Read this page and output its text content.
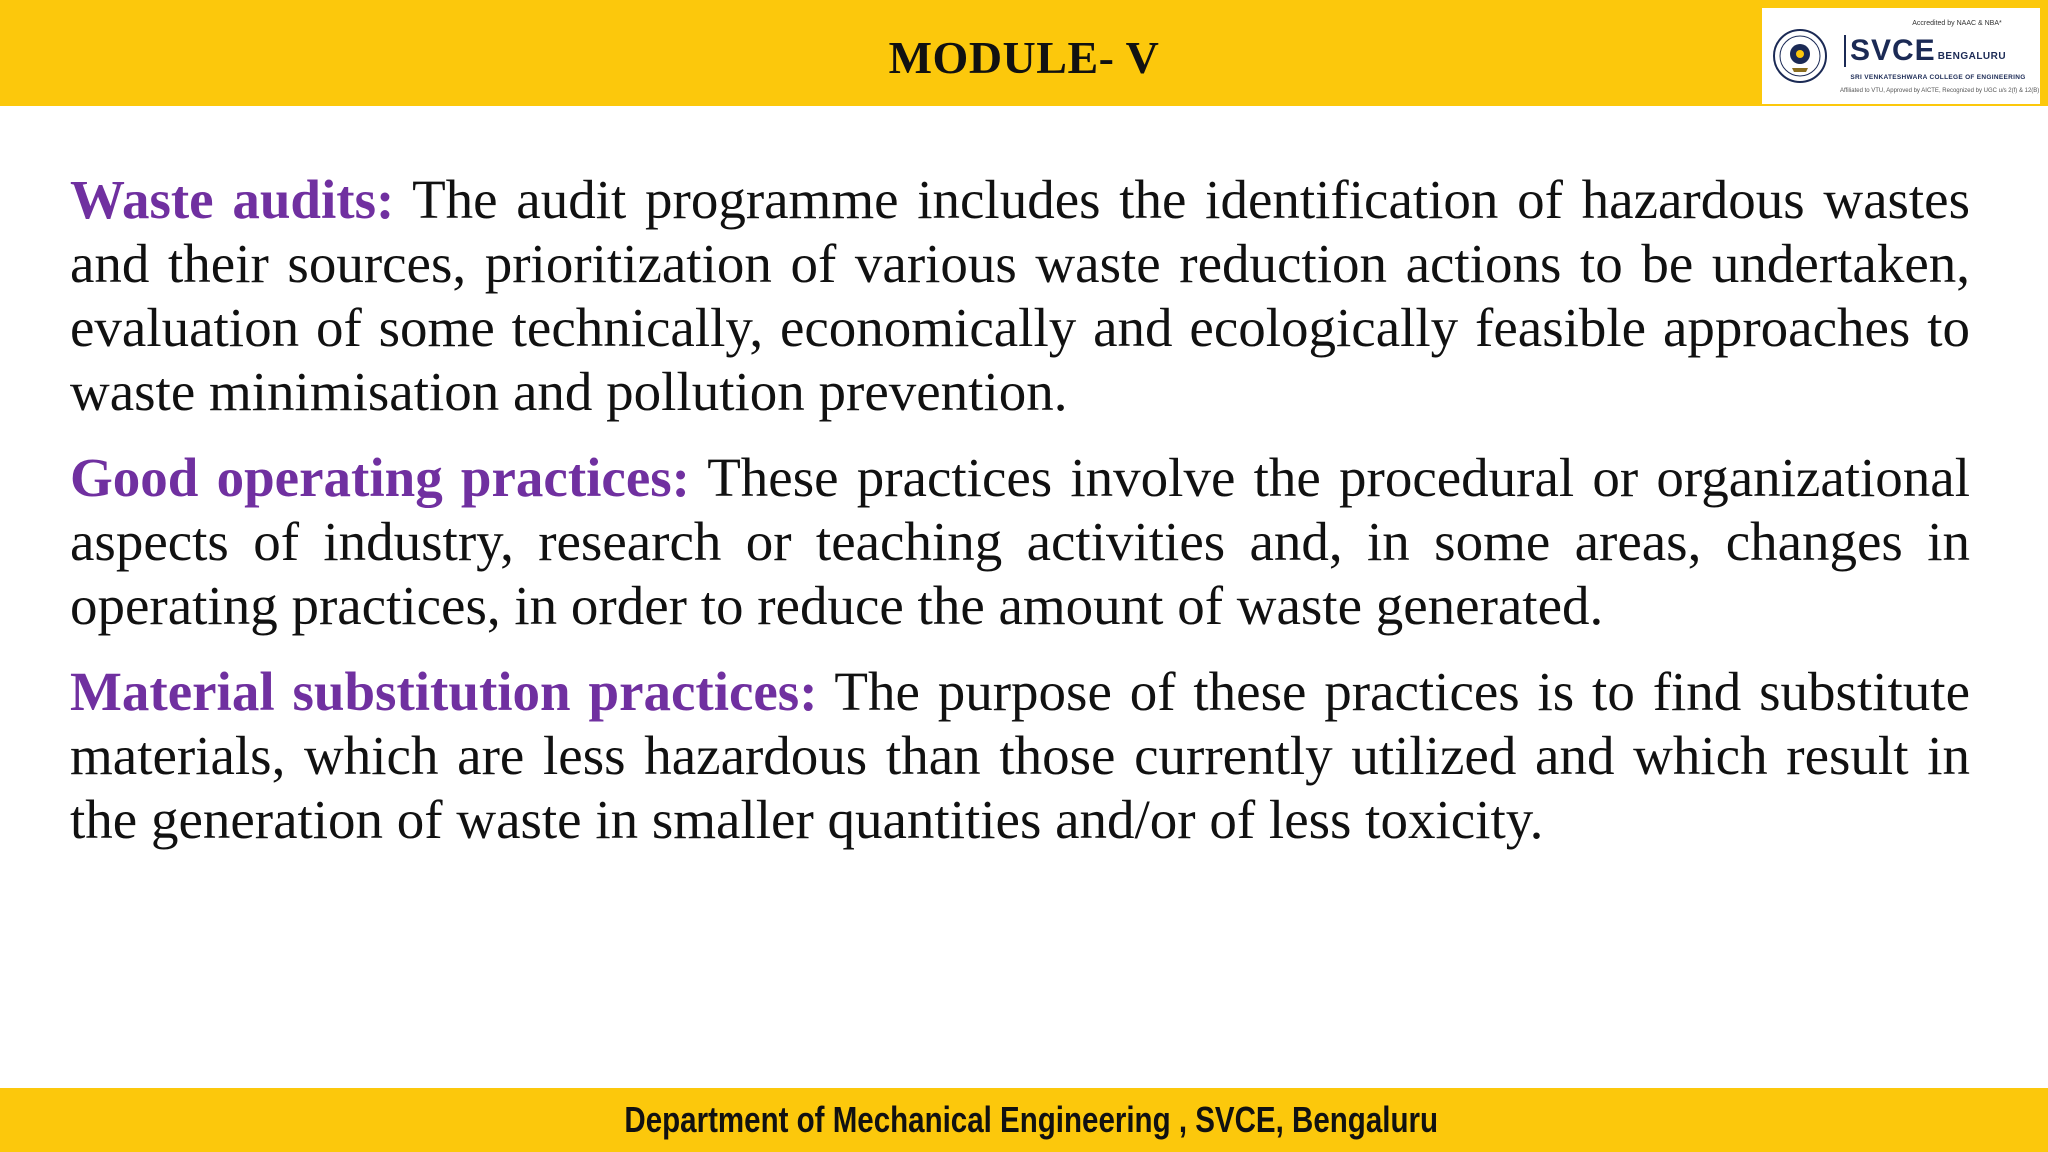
MODULE- V
Accredited by NAAC & NBA*
SVCE BENGALURU
SRI VENKATESHWARA COLLEGE OF ENGINEERING
Affiliated to VTU, Approved by AICTE, Recognized by UGC u/s 2(f) & 12(B)

Waste audits: The audit programme includes the identification of hazardous wastes and their sources, prioritization of various waste reduction actions to be undertaken, evaluation of some technically, economically and ecologically feasible approaches to waste minimisation and pollution prevention.

Good operating practices: These practices involve the procedural or organizational aspects of industry, research or teaching activities and, in some areas, changes in operating practices, in order to reduce the amount of waste generated.

Material substitution practices: The purpose of these practices is to find substitute materials, which are less hazardous than those currently utilized and which result in the generation of waste in smaller quantities and/or of less toxicity.

Department of Mechanical Engineering , SVCE, Bengaluru
